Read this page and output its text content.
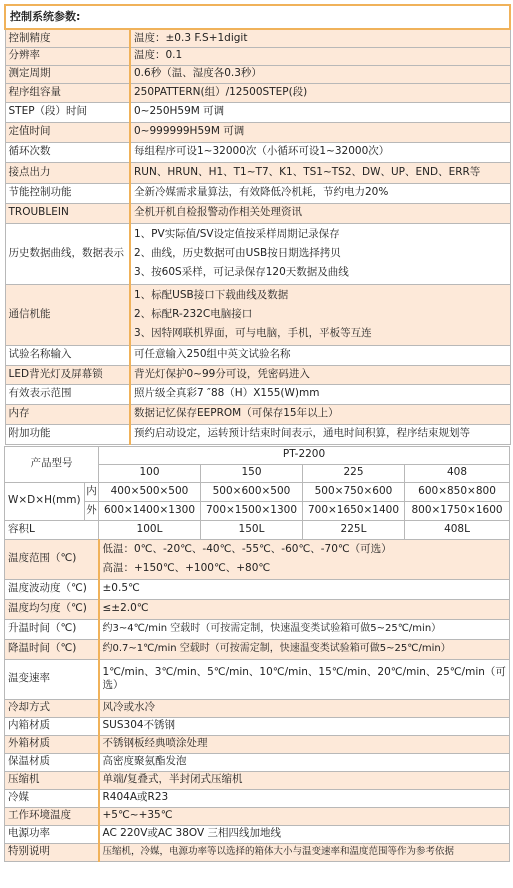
控制系统参数:	
控制精度	温度：±0.3 F.S+1digit
分辨率	温度：0.1
测定周期	0.6秒（温、湿度各0.3秒）
程序组容量	250PATTERN(组）/12500STEP(段)
STEP（段）时间	0~250H59M 可调
定值时间	0~999999H59M 可调
循环次数	每组程序可设1~32000次（小循环可设1~32000次）
接点出力	RUN、HRUN、H1、T1~T7、K1、TS1~TS2、DW、UP、END、ERR等
节能控制功能	全新冷媒需求量算法，有效降低冷机耗，节约电力20%
TROUBLEIN	全机开机自检报警动作相关处理资讯
历史数据曲线，数据表示	1、PV实际值/SV设定值按采样周期记录保存
2、曲线，历史数据可由USB按日期选择拷贝
3、按60S采样，可记录保存120天数据及曲线

通信机能	1、标配USB接口下载曲线及数据
2、标配R-232C电脑接口
3、因特网联机界面，可与电脑，手机，平板等互连

试验名称输入	可任意输入250组中英文试验名称
LED背光灯及屏幕锁	背光灯保护0~99分可设，凭密码进入
有效表示范围	照片级全真彩7 ″88（H）X155(W)mm
内存	数据记忆保存EEPROM（可保存15年以上）
附加功能	预约启动设定，运转预计结束时间表示，通电时间积算，程序结束规划等
产品型号		PT-2200			
		100	150	225	408
W×D×H(mm)	内	400×500×500	500×600×500	500×750×600	600×850×800
	外	600×1400×1300	700×1500×1300	700×1650×1400	800×1750×1600
容积L		100L	150L	225L	408L
温度范围（℃)		低温：0℃、-20℃、-40℃、-55℃、-60℃、-70℃（可选）
高温：+150℃、+100℃、+80℃			

温度波动度（℃)		±0.5℃			
温度均匀度（℃)		≤±2.0℃			
升温时间（℃)		约3~4℃/min 空载时（可按需定制，快速温变类试验箱可做5~25℃/min）			
降温时间（℃)		约0.7~1℃/min 空载时（可按需定制，快速温变类试验箱可做5~25℃/min）			
温变速率		1℃/min、3℃/min、5℃/min、10℃/min、15℃/min、20℃/min、25℃/min（可选）			
冷却方式		风冷或水冷			
内箱材质		SUS304不锈钢			
外箱材质		不锈钢板经典喷涂处理			
保温材质		高密度聚氨酯发泡			
压缩机		单端/复叠式，半封闭式压缩机			
冷媒		R404A或R23			
工作环境温度		+5℃~+35℃			
电源功率		AC 220V或AC 38OV 三相四线加地线			
特别说明		压缩机，冷媒，电源功率等以选择的箱体大小与温变速率和温度范围等作为参考依据			
